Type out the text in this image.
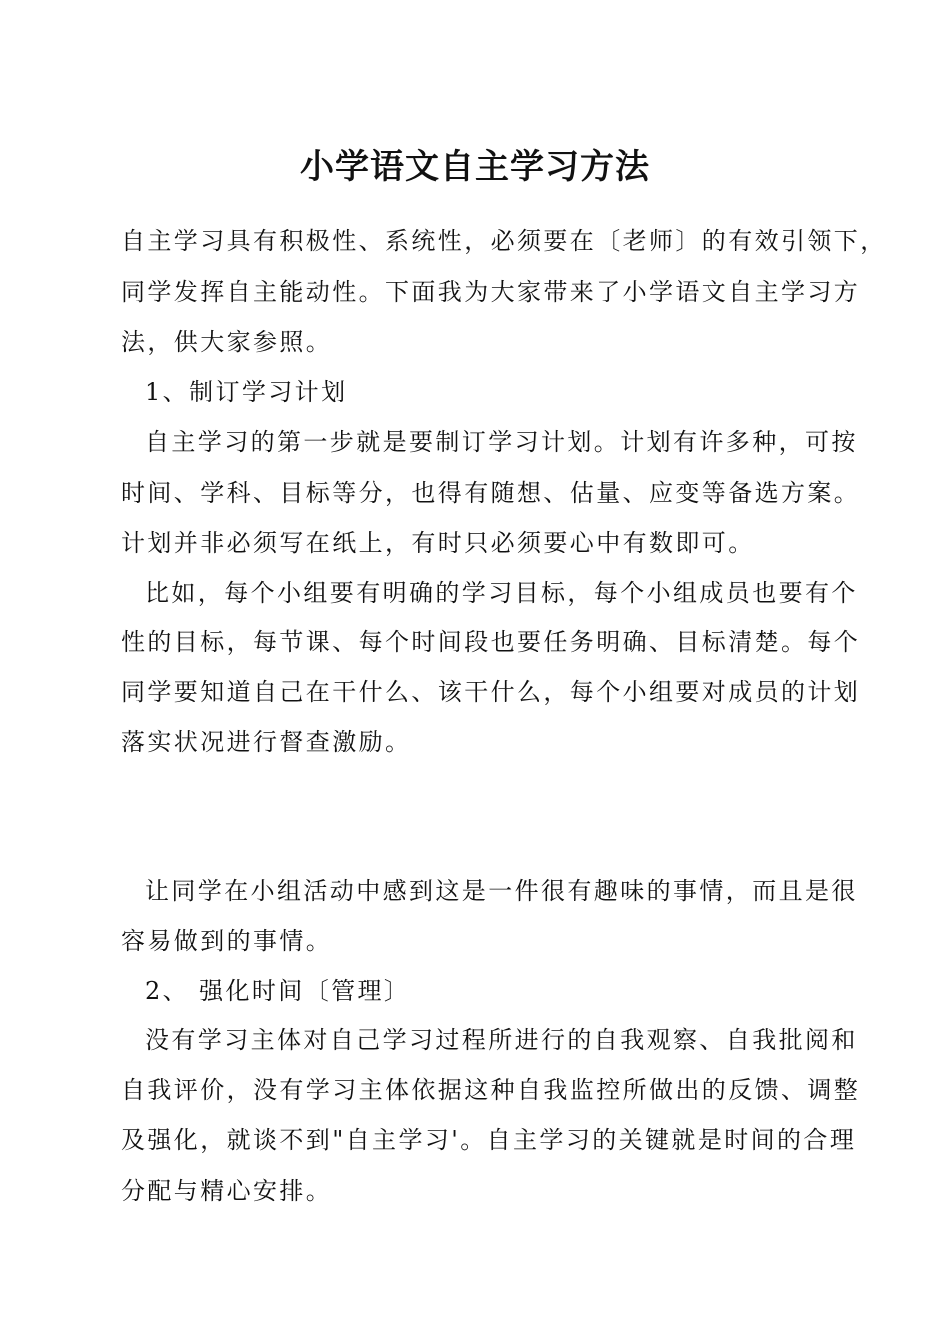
小学语文自主学习方法
自主学习具有积极性、系统性，必须要在〔老师〕的有效引领下，
同学发挥自主能动性。下面我为大家带来了小学语文自主学习方
法，供大家参照。
1、制订学习计划
自主学习的第一步就是要制订学习计划。计划有许多种，可按
时间、学科、目标等分，也得有随想、估量、应变等备选方案。
计划并非必须写在纸上，有时只必须要心中有数即可。
比如，每个小组要有明确的学习目标，每个小组成员也要有个
性的目标，每节课、每个时间段也要任务明确、目标清楚。每个
同学要知道自己在干什么、该干什么，每个小组要对成员的计划
落实状况进行督查激励。
让同学在小组活动中感到这是一件很有趣味的事情，而且是很
容易做到的事情。
2、 强化时间〔管理〕
没有学习主体对自己学习过程所进行的自我观察、自我批阅和
自我评价，没有学习主体依据这种自我监控所做出的反馈、调整
及强化，就谈不到"自主学习'。自主学习的关键就是时间的合理
分配与精心安排。
